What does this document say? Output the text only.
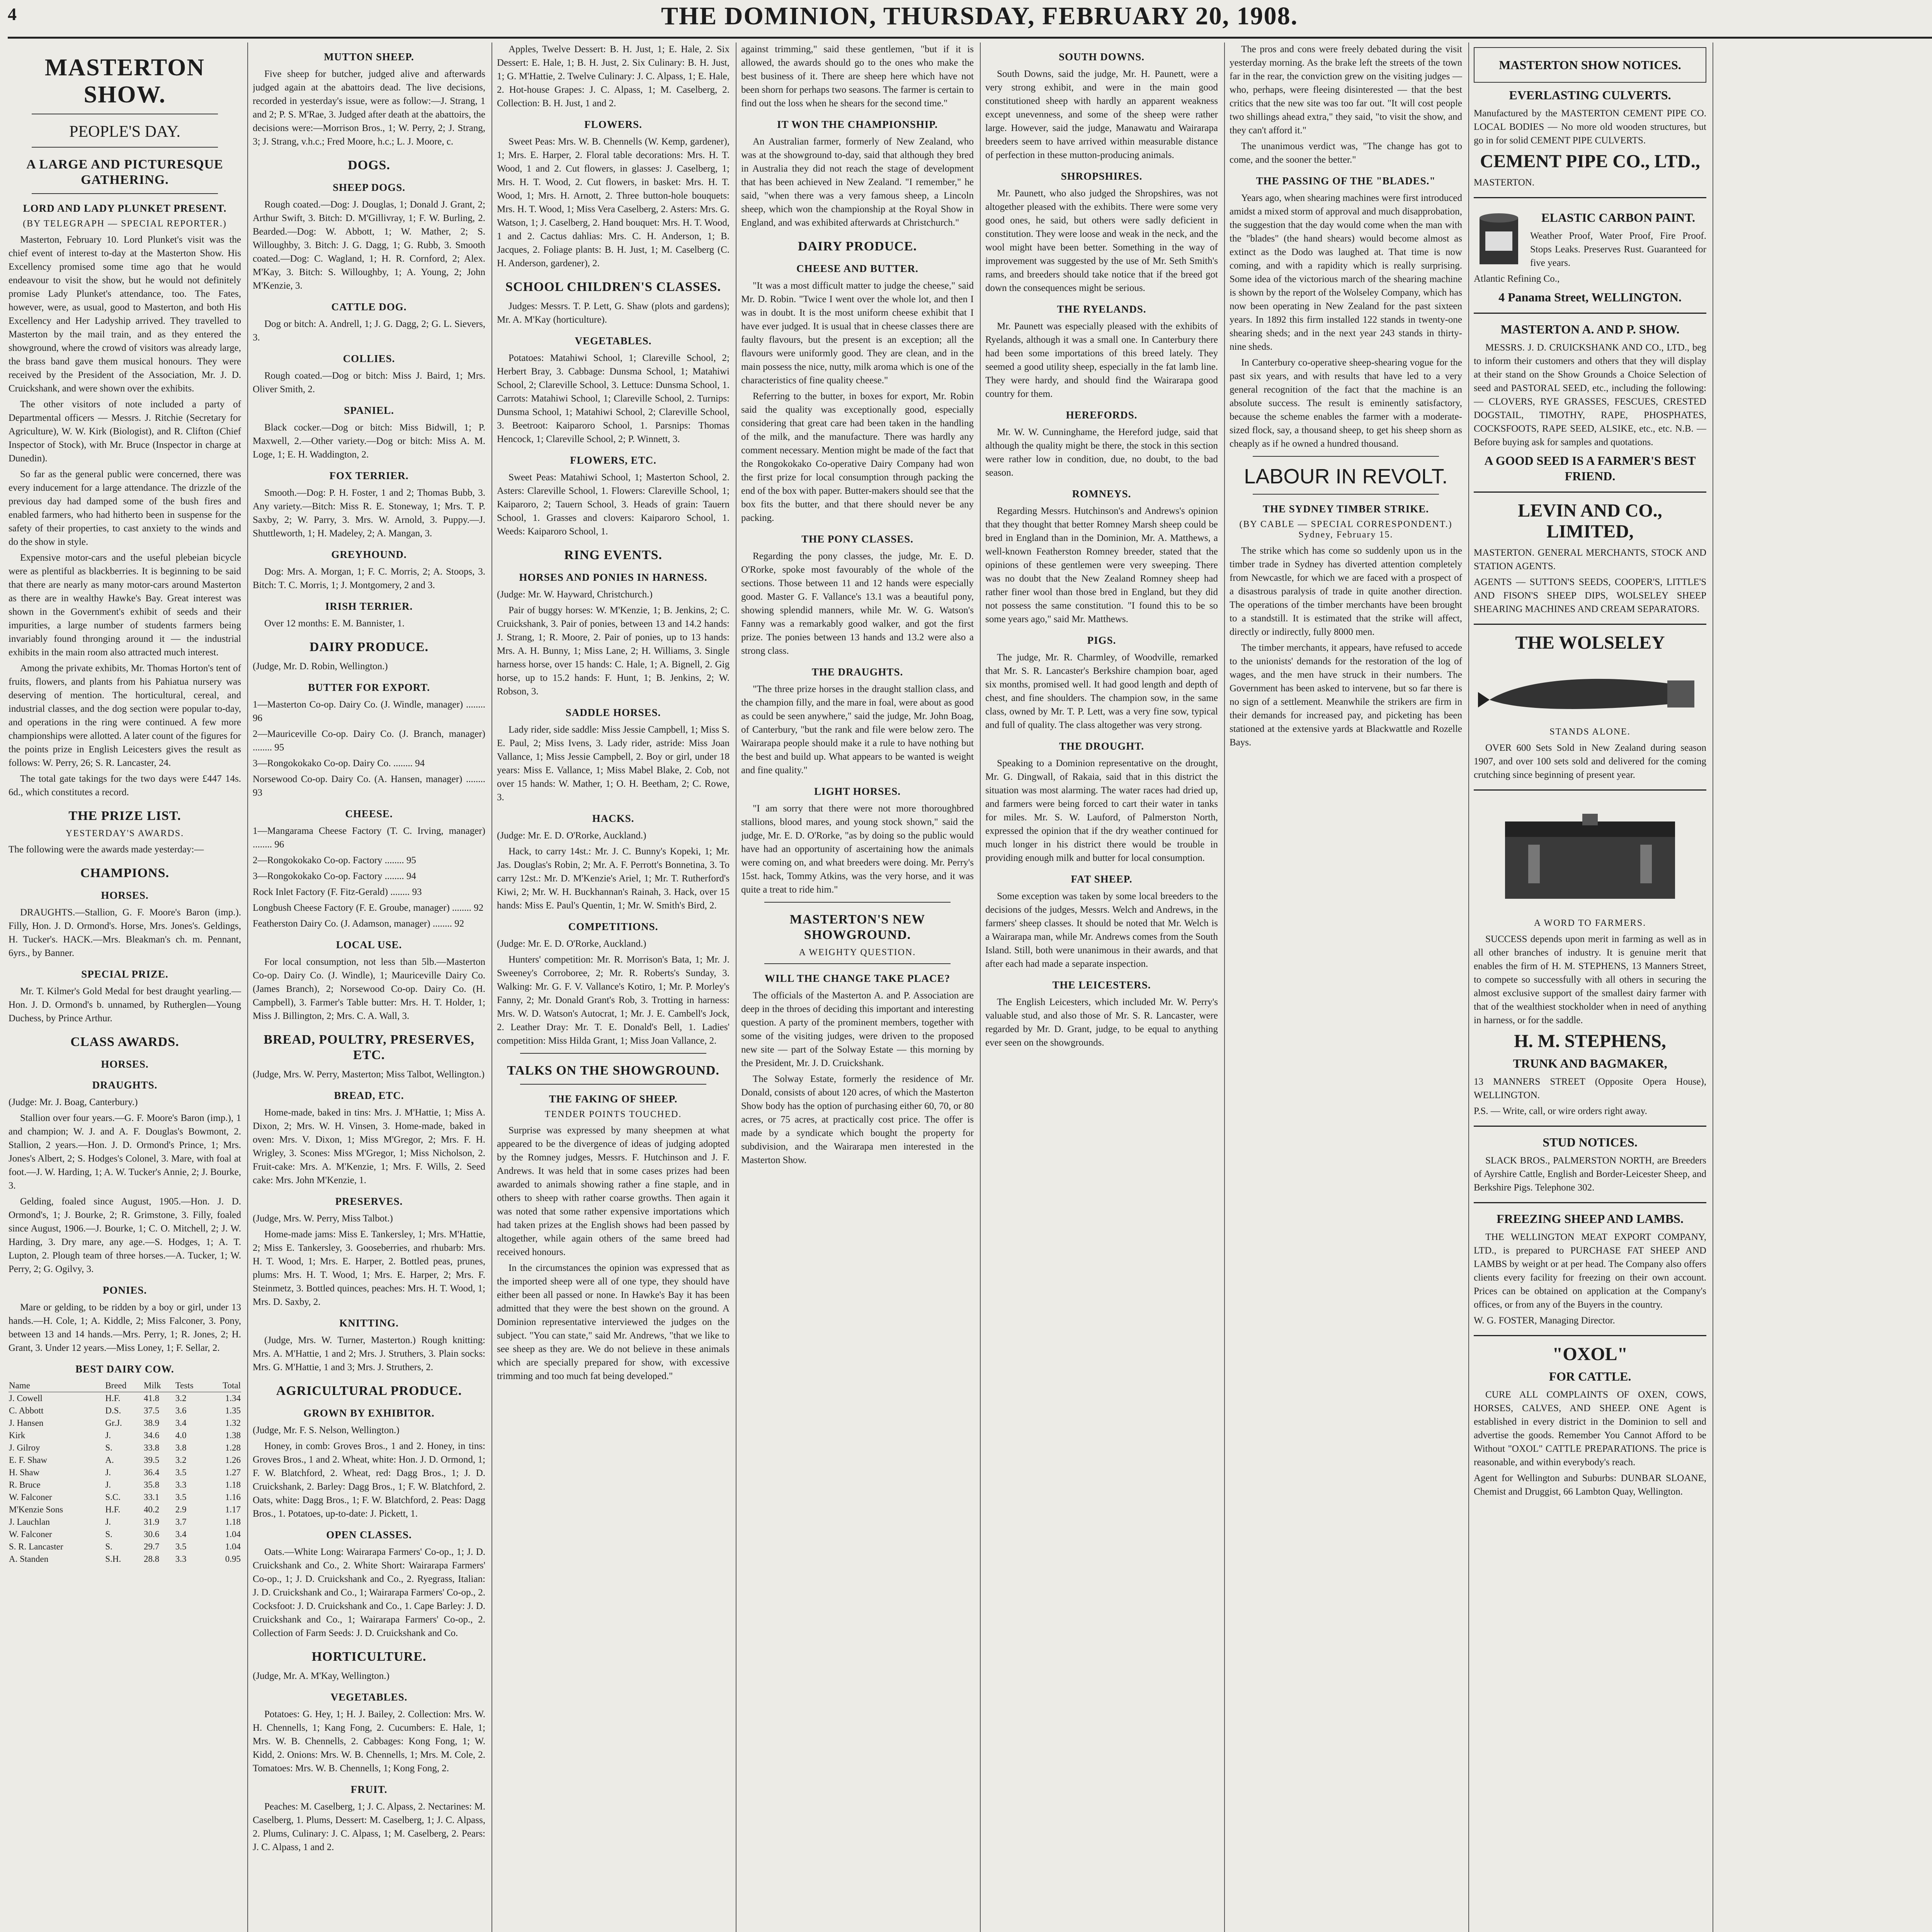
4	THE DOMINION, THURSDAY, FEBRUARY 20, 1908.
MASTERTON SHOW.
PEOPLE'S DAY.
A LARGE AND PICTURESQUE GATHERING.
LORD AND LADY PLUNKET PRESENT.
(BY TELEGRAPH — SPECIAL REPORTER.)

Masterton, February 10. Lord Plunket's visit was the chief event of interest to-day at the Masterton Show. His Excellency promised some time ago that he would endeavour to visit the show, but he would not definitely promise Lady Plunket's attendance, too. The Fates, however, were, as usual, good to Masterton, and both His Excellency and Her Ladyship arrived. They travelled to Masterton by the mail train, and as they entered the showground, where the crowd of visitors was already large, the brass band gave them musical honours. They were received by the President of the Association, Mr. J. D. Cruickshank, and were shown over the exhibits.

The other visitors of note included a party of Departmental officers — Messrs. J. Ritchie (Secretary for Agriculture), W. W. Kirk (Biologist), and R. Clifton (Chief Inspector of Stock), with Mr. Bruce (Inspector in charge at Dunedin).

So far as the general public were concerned, there was every inducement for a large attendance. The drizzle of the previous day had damped some of the bush fires and enabled farmers, who had hitherto been in suspense for the safety of their properties, to cast anxiety to the winds and do the show in style.

Expensive motor-cars and the useful plebeian bicycle were as plentiful as blackberries. It is beginning to be said that there are nearly as many motor-cars around Masterton as there are in wealthy Hawke's Bay. Great interest was shown in the Government's exhibit of seeds and their impurities, a large number of students farmers being invariably found thronging around it — the industrial exhibits in the main room also attracted much interest.

Among the private exhibits, Mr. Thomas Horton's tent of fruits, flowers, and plants from his Pahiatua nursery was deserving of mention. The horticultural, cereal, and industrial classes, and the dog section were popular to-day, and operations in the ring were continued. A few more championships were allotted. A later count of the figures for the points prize in English Leicesters gives the result as follows: W. Perry, 26; S. R. Lancaster, 24.

The total gate takings for the two days were £447 14s. 6d., which constitutes a record.

THE PRIZE LIST.
YESTERDAY'S AWARDS.

The following were the awards made yesterday:—

CHAMPIONS.
HORSES.

DRAUGHTS.—Stallion, G. F. Moore's Baron (imp.). Filly, Hon. J. D. Ormond's. Horse, Mrs. Jones's. Geldings, H. Tucker's. HACK.—Mrs. Bleakman's ch. m. Pennant, 6yrs., by Banner.

SPECIAL PRIZE.

Mr. T. Kilmer's Gold Medal for best draught yearling.—Hon. J. D. Ormond's b. unnamed, by Rutherglen—Young Duchess, by Prince Arthur.

CLASS AWARDS.
HORSES.
DRAUGHTS.

(Judge: Mr. J. Boag, Canterbury.)

Stallion over four years.—G. F. Moore's Baron (imp.), 1 and champion; W. J. and A. F. Douglas's Bowmont, 2. Stallion, 2 years.—Hon. J. D. Ormond's Prince, 1; Mrs. Jones's Albert, 2; S. Hodges's Colonel, 3. Mare, with foal at foot.—J. W. Harding, 1; A. W. Tucker's Annie, 2; J. Bourke, 3.

Gelding, foaled since August, 1905.—Hon. J. D. Ormond's, 1; J. Bourke, 2; R. Grimstone, 3. Filly, foaled since August, 1906.—J. Bourke, 1; C. O. Mitchell, 2; J. W. Harding, 3. Dry mare, any age.—S. Hodges, 1; A. T. Lupton, 2. Plough team of three horses.—A. Tucker, 1; W. Perry, 2; G. Ogilvy, 3.

PONIES.

Mare or gelding, to be ridden by a boy or girl, under 13 hands.—H. Cole, 1; A. Kiddle, 2; Miss Falconer, 3. Pony, between 13 and 14 hands.—Mrs. Perry, 1; R. Jones, 2; H. Grant, 3. Under 12 years.—Miss Loney, 1; F. Sellar, 2.

BEST DAIRY COW.
Name	Breed	Milk	Tests	Total
J. Cowell	H.F.	41.8	3.2	1.34
C. Abbott	D.S.	37.5	3.6	1.35
J. Hansen	Gr.J.	38.9	3.4	1.32
Kirk	J.	34.6	4.0	1.38
J. Gilroy	S.	33.8	3.8	1.28
E. F. Shaw	A.	39.5	3.2	1.26
H. Shaw	J.	36.4	3.5	1.27
R. Bruce	J.	35.8	3.3	1.18
W. Falconer	S.C.	33.1	3.5	1.16
M'Kenzie Sons	H.F.	40.2	2.9	1.17
J. Lauchlan	J.	31.9	3.7	1.18
W. Falconer	S.	30.6	3.4	1.04
S. R. Lancaster	S.	29.7	3.5	1.04
A. Standen	S.H.	28.8	3.3	0.95
MUTTON SHEEP.

Five sheep for butcher, judged alive and afterwards judged again at the abattoirs dead. The live decisions, recorded in yesterday's issue, were as follow:—J. Strang, 1 and 2; P. S. M'Rae, 3. Judged after death at the abattoirs, the decisions were:—Morrison Bros., 1; W. Perry, 2; J. Strang, 3; J. Strang, v.h.c.; Fred Moore, h.c.; L. J. Moore, c.

DOGS.
SHEEP DOGS.

Rough coated.—Dog: J. Douglas, 1; Donald J. Grant, 2; Arthur Swift, 3. Bitch: D. M'Gillivray, 1; F. W. Burling, 2. Bearded.—Dog: W. Abbott, 1; W. Mather, 2; S. Willoughby, 3. Bitch: J. G. Dagg, 1; G. Rubb, 3. Smooth coated.—Dog: C. Wagland, 1; H. R. Cornford, 2; Alex. M'Kay, 3. Bitch: S. Willoughby, 1; A. Young, 2; John M'Kenzie, 3.

CATTLE DOG.

Dog or bitch: A. Andrell, 1; J. G. Dagg, 2; G. L. Sievers, 3.

COLLIES.

Rough coated.—Dog or bitch: Miss J. Baird, 1; Mrs. Oliver Smith, 2.

SPANIEL.

Black cocker.—Dog or bitch: Miss Bidwill, 1; P. Maxwell, 2.—Other variety.—Dog or bitch: Miss A. M. Loge, 1; E. H. Waddington, 2.

FOX TERRIER.

Smooth.—Dog: P. H. Foster, 1 and 2; Thomas Bubb, 3. Any variety.—Bitch: Miss R. E. Stoneway, 1; Mrs. T. P. Saxby, 2; W. Parry, 3. Mrs. W. Arnold, 3. Puppy.—J. Shuttleworth, 1; H. Madeley, 2; A. Mangan, 3.

GREYHOUND.

Dog: Mrs. A. Morgan, 1; F. C. Morris, 2; A. Stoops, 3. Bitch: T. C. Morris, 1; J. Montgomery, 2 and 3.

IRISH TERRIER.

Over 12 months: E. M. Bannister, 1.

DAIRY PRODUCE.

(Judge, Mr. D. Robin, Wellington.)

BUTTER FOR EXPORT.

1—Masterton Co-op. Dairy Co. (J. Windle, manager) ........ 96

2—Mauriceville Co-op. Dairy Co. (J. Branch, manager) ........ 95

3—Rongokokako Co-op. Dairy Co. ........ 94

Norsewood Co-op. Dairy Co. (A. Hansen, manager) ........ 93

CHEESE.

1—Mangaramа Cheese Factory (T. C. Irving, manager) ........ 96

2—Rongokokako Co-op. Factory ........ 95

3—Rongokokako Co-op. Factory ........ 94

Rock Inlet Factory (F. Fitz-Gerald) ........ 93

Longbush Cheese Factory (F. E. Groube, manager) ........ 92

Featherston Dairy Co. (J. Adamson, manager) ........ 92

LOCAL USE.

For local consumption, not less than 5lb.—Masterton Co-op. Dairy Co. (J. Windle), 1; Mauriceville Dairy Co. (James Branch), 2; Norsewood Co-op. Dairy Co. (H. Campbell), 3. Farmer's Table butter: Mrs. H. T. Holder, 1; Miss J. Billington, 2; Mrs. C. A. Wall, 3.

BREAD, POULTRY, PRESERVES, ETC.

(Judge, Mrs. W. Perry, Masterton; Miss Talbot, Wellington.)

BREAD, ETC.

Home-made, baked in tins: Mrs. J. M'Hattie, 1; Miss A. Dixon, 2; Mrs. W. H. Vinsen, 3. Home-made, baked in oven: Mrs. V. Dixon, 1; Miss M'Gregor, 2; Mrs. F. H. Wrigley, 3. Scones: Miss M'Gregor, 1; Miss Nicholson, 2. Fruit-cake: Mrs. A. M'Kenzie, 1; Mrs. F. Wills, 2. Seed cake: Mrs. John M'Kenzie, 1.

PRESERVES.

(Judge, Mrs. W. Perry, Miss Talbot.)

Home-made jams: Miss E. Tankersley, 1; Mrs. M'Hattie, 2; Miss E. Tankersley, 3. Gooseberries, and rhubarb: Mrs. H. T. Wood, 1; Mrs. E. Harper, 2. Bottled peas, prunes, plums: Mrs. H. T. Wood, 1; Mrs. E. Harper, 2; Mrs. F. Steinmetz, 3. Bottled quinces, peaches: Mrs. H. T. Wood, 1; Mrs. D. Saxby, 2.

KNITTING.

(Judge, Mrs. W. Turner, Masterton.) Rough knitting: Mrs. A. M'Hattie, 1 and 2; Mrs. J. Struthers, 3. Plain socks: Mrs. G. M'Hattie, 1 and 3; Mrs. J. Struthers, 2.

AGRICULTURAL PRODUCE.
GROWN BY EXHIBITOR.

(Judge, Mr. F. S. Nelson, Wellington.)

Honey, in comb: Groves Bros., 1 and 2. Honey, in tins: Groves Bros., 1 and 2. Wheat, white: Hon. J. D. Ormond, 1; F. W. Blatchford, 2. Wheat, red: Dagg Bros., 1; J. D. Cruickshank, 2. Barley: Dagg Bros., 1; F. W. Blatchford, 2. Oats, white: Dagg Bros., 1; F. W. Blatchford, 2. Peas: Dagg Bros., 1. Potatoes, up-to-date: J. Pickett, 1.

OPEN CLASSES.

Oats.—White Long: Wairarapa Farmers' Co-op., 1; J. D. Cruickshank and Co., 2. White Short: Wairarapa Farmers' Co-op., 1; J. D. Cruickshank and Co., 2. Ryegrass, Italian: J. D. Cruickshank and Co., 1; Wairarapa Farmers' Co-op., 2. Cocksfoot: J. D. Cruickshank and Co., 1. Cape Barley: J. D. Cruickshank and Co., 1; Wairarapa Farmers' Co-op., 2. Collection of Farm Seeds: J. D. Cruickshank and Co.

HORTICULTURE.

(Judge, Mr. A. M'Kay, Wellington.)

VEGETABLES.

Potatoes: G. Hey, 1; H. J. Bailey, 2. Collection: Mrs. W. H. Chennells, 1; Kang Fong, 2. Cucumbers: E. Hale, 1; Mrs. W. B. Chennells, 2. Cabbages: Kong Fong, 1; W. Kidd, 2. Onions: Mrs. W. B. Chennells, 1; Mrs. M. Cole, 2. Tomatoes: Mrs. W. B. Chennells, 1; Kong Fong, 2.

FRUIT.

Peaches: M. Caselberg, 1; J. C. Alpass, 2. Nectarines: M. Caselberg, 1. Plums, Dessert: M. Caselberg, 1; J. C. Alpass, 2. Plums, Culinary: J. C. Alpass, 1; M. Caselberg, 2. Pears: J. C. Alpass, 1 and 2.

Apples, Twelve Dessert: B. H. Just, 1; E. Hale, 2. Six Dessert: E. Hale, 1; B. H. Just, 2. Six Culinary: B. H. Just, 1; G. M'Hattie, 2. Twelve Culinary: J. C. Alpass, 1; E. Hale, 2. Hot-house Grapes: J. C. Alpass, 1; M. Caselberg, 2. Collection: B. H. Just, 1 and 2.

FLOWERS.

Sweet Peas: Mrs. W. B. Chennells (W. Kemp, gardener), 1; Mrs. E. Harper, 2. Floral table decorations: Mrs. H. T. Wood, 1 and 2. Cut flowers, in glasses: J. Caselberg, 1; Mrs. H. T. Wood, 2. Cut flowers, in basket: Mrs. H. T. Wood, 1; Mrs. H. Arnott, 2. Three button-hole bouquets: Mrs. H. T. Wood, 1; Miss Vera Caselberg, 2. Asters: Mrs. G. Watson, 1; J. Caselberg, 2. Hand bouquet: Mrs. H. T. Wood, 1 and 2. Cactus dahlias: Mrs. C. H. Anderson, 1; B. Jacques, 2. Foliage plants: B. H. Just, 1; M. Caselberg (C. H. Anderson, gardener), 2.

SCHOOL CHILDREN'S CLASSES.

Judges: Messrs. T. P. Lett, G. Shaw (plots and gardens); Mr. A. M'Kay (horticulture).

VEGETABLES.

Potatoes: Matahiwi School, 1; Clareville School, 2; Herbert Bray, 3. Cabbage: Dunsma School, 1; Matahiwi School, 2; Clareville School, 3. Lettuce: Dunsma School, 1. Carrots: Matahiwi School, 1; Clareville School, 2. Turnips: Dunsma School, 1; Matahiwi School, 2; Clareville School, 3. Beetroot: Kaiparoro School, 1. Parsnips: Thomas Hencock, 1; Clareville School, 2; P. Winnett, 3.

FLOWERS, ETC.

Sweet Peas: Matahiwi School, 1; Masterton School, 2. Asters: Clareville School, 1. Flowers: Clareville School, 1; Kaiparoro, 2; Tauern School, 3. Heads of grain: Tauern School, 1. Grasses and clovers: Kaiparoro School, 1. Weeds: Kaiparoro School, 1.

RING EVENTS.
HORSES AND PONIES IN HARNESS.

(Judge: Mr. W. Hayward, Christchurch.)

Pair of buggy horses: W. M'Kenzie, 1; B. Jenkins, 2; C. Cruickshank, 3. Pair of ponies, between 13 and 14.2 hands: J. Strang, 1; R. Moore, 2. Pair of ponies, up to 13 hands: Mrs. A. H. Bunny, 1; Miss Lane, 2; H. Williams, 3. Single harness horse, over 15 hands: C. Hale, 1; A. Bignell, 2. Gig horse, up to 15.2 hands: F. Hunt, 1; B. Jenkins, 2; W. Robson, 3.

SADDLE HORSES.

Lady rider, side saddle: Miss Jessie Campbell, 1; Miss S. E. Paul, 2; Miss Ivens, 3. Lady rider, astride: Miss Joan Vallance, 1; Miss Jessie Campbell, 2. Boy or girl, under 18 years: Miss E. Vallance, 1; Miss Mabel Blake, 2. Cob, not over 15 hands: W. Mather, 1; O. H. Beetham, 2; C. Rowe, 3.

HACKS.

(Judge: Mr. E. D. O'Rorke, Auckland.)

Hack, to carry 14st.: Mr. J. C. Bunny's Kopeki, 1; Mr. Jas. Douglas's Robin, 2; Mr. A. F. Perrott's Bonnetina, 3. To carry 12st.: Mr. D. M'Kenzie's Ariel, 1; Mr. T. Rutherford's Kiwi, 2; Mr. W. H. Buckhannan's Rainah, 3. Hack, over 15 hands: Miss E. Paul's Quentin, 1; Mr. W. Smith's Bird, 2.

COMPETITIONS.

(Judge: Mr. E. D. O'Rorke, Auckland.)

Hunters' competition: Mr. R. Morrison's Bata, 1; Mr. J. Sweeney's Corroboree, 2; Mr. R. Roberts's Sunday, 3. Walking: Mr. G. F. V. Vallance's Kotiro, 1; Mr. P. Morley's Fanny, 2; Mr. Donald Grant's Rob, 3. Trotting in harness: Mrs. W. D. Watson's Autocrat, 1; Mr. J. E. Cambell's Jock, 2. Leather Dray: Mr. T. E. Donald's Bell, 1. Ladies' competition: Miss Hilda Grant, 1; Miss Joan Vallance, 2.

TALKS ON THE SHOWGROUND.
THE FAKING OF SHEEP.
TENDER POINTS TOUCHED.

Surprise was expressed by many sheepmen at what appeared to be the divergence of ideas of judging adopted by the Romney judges, Messrs. F. Hutchinson and J. F. Andrews. It was held that in some cases prizes had been awarded to animals showing rather a fine staple, and in others to sheep with rather coarse growths. Then again it was noted that some rather expensive importations which had taken prizes at the English shows had been passed by altogether, while again others of the same breed had received honours.

In the circumstances the opinion was expressed that as the imported sheep were all of one type, they should have either been all passed or none. In Hawke's Bay it has been admitted that they were the best shown on the ground. A Dominion representative interviewed the judges on the subject. "You can state," said Mr. Andrews, "that we like to see sheep as they are. We do not believe in these animals which are specially prepared for show, with excessive trimming and too much fat being developed."

against trimming," said these gentlemen, "but if it is allowed, the awards should go to the ones who make the best business of it. There are sheep here which have not been shorn for perhaps two seasons. The farmer is certain to find out the loss when he shears for the second time."

IT WON THE CHAMPIONSHIP.

An Australian farmer, formerly of New Zealand, who was at the showground to-day, said that although they bred in Australia they did not reach the stage of development that has been achieved in New Zealand. "I remember," he said, "when there was a very famous sheep, a Lincoln sheep, which won the championship at the Royal Show in England, and was exhibited afterwards at Christchurch."

DAIRY PRODUCE.
CHEESE AND BUTTER.

"It was a most difficult matter to judge the cheese," said Mr. D. Robin. "Twice I went over the whole lot, and then I was in doubt. It is the most uniform cheese exhibit that I have ever judged. It is usual that in cheese classes there are faulty flavours, but the present is an exception; all the flavours were uniformly good. They are clean, and in the main possess the nice, nutty, milk aroma which is one of the characteristics of fine quality cheese."

Referring to the butter, in boxes for export, Mr. Robin said the quality was exceptionally good, especially considering that great care had been taken in the handling of the milk, and the manufacture. There was hardly any comment necessary. Mention might be made of the fact that the Rongokokako Co-operative Dairy Company had won the first prize for local consumption through packing the end of the box with paper. Butter-makers should see that the box fits the butter, and that there should never be any packing.

THE PONY CLASSES.

Regarding the pony classes, the judge, Mr. E. D. O'Rorke, spoke most favourably of the whole of the sections. Those between 11 and 12 hands were especially good. Master G. F. Vallance's 13.1 was a beautiful pony, showing splendid manners, while Mr. W. G. Watson's Fanny was a remarkably good walker, and got the first prize. The ponies between 13 hands and 13.2 were also a strong class.

THE DRAUGHTS.

"The three prize horses in the draught stallion class, and the champion filly, and the mare in foal, were about as good as could be seen anywhere," said the judge, Mr. John Boag, of Canterbury, "but the rank and file were below zero. The Wairarapa people should make it a rule to have nothing but the best and build up. What appears to be wanted is weight and fine quality."

LIGHT HORSES.

"I am sorry that there were not more thoroughbred stallions, blood mares, and young stock shown," said the judge, Mr. E. D. O'Rorke, "as by doing so the public would have had an opportunity of ascertaining how the animals were coming on, and what breeders were doing. Mr. Perry's 15st. hack, Tommy Atkins, was the very horse, and it was quite a treat to ride him."

MASTERTON'S NEW SHOWGROUND.
A WEIGHTY QUESTION.
WILL THE CHANGE TAKE PLACE?

The officials of the Masterton A. and P. Association are deep in the throes of deciding this important and interesting question. A party of the prominent members, together with some of the visiting judges, were driven to the proposed new site — part of the Solway Estate — this morning by the President, Mr. J. D. Cruickshank.

The Solway Estate, formerly the residence of Mr. Donald, consists of about 120 acres, of which the Masterton Show body has the option of purchasing either 60, 70, or 80 acres, or 75 acres, at practically cost price. The offer is made by a syndicate which bought the property for subdivision, and the Wairarapa men interested in the Masterton Show.

SOUTH DOWNS.

South Downs, said the judge, Mr. H. Paunett, were a very strong exhibit, and were in the main good constitutioned sheep with hardly an apparent weakness except unevenness, and some of the sheep were rather large. However, said the judge, Manawatu and Wairarapa breeders seem to have arrived within measurable distance of perfection in these mutton-producing animals.

SHROPSHIRES.

Mr. Paunett, who also judged the Shropshires, was not altogether pleased with the exhibits. There were some very good ones, he said, but others were sadly deficient in constitution. They were loose and weak in the neck, and the wool might have been better. Something in the way of improvement was suggested by the use of Mr. Seth Smith's rams, and breeders should take notice that if the breed got down the consequences might be serious.

THE RYELANDS.

Mr. Paunett was especially pleased with the exhibits of Ryelands, although it was a small one. In Canterbury there had been some importations of this breed lately. They seemed a good utility sheep, especially in the fat lamb line. They were hardy, and should find the Wairarapa good country for them.

HEREFORDS.

Mr. W. W. Cunninghame, the Hereford judge, said that although the quality might be there, the stock in this section were rather low in condition, due, no doubt, to the bad season.

ROMNEYS.

Regarding Messrs. Hutchinson's and Andrews's opinion that they thought that better Romney Marsh sheep could be bred in England than in the Dominion, Mr. A. Matthews, a well-known Featherston Romney breeder, stated that the opinions of these gentlemen were very sweeping. There was no doubt that the New Zealand Romney sheep had rather finer wool than those bred in England, but they did not possess the same constitution. "I found this to be so some years ago," said Mr. Matthews.

PIGS.

The judge, Mr. R. Charmley, of Woodville, remarked that Mr. S. R. Lancaster's Berkshire champion boar, aged six months, promised well. It had good length and depth of chest, and fine shoulders. The champion sow, in the same class, owned by Mr. T. P. Lett, was a very fine sow, typical and full of quality. The class altogether was very strong.

THE DROUGHT.

Speaking to a Dominion representative on the drought, Mr. G. Dingwall, of Rakaia, said that in this district the situation was most alarming. The water races had dried up, and farmers were being forced to cart their water in tanks for miles. Mr. S. W. Lauford, of Palmerston North, expressed the opinion that if the dry weather continued for much longer in his district there would be trouble in providing enough milk and butter for local consumption.

FAT SHEEP.

Some exception was taken by some local breeders to the decisions of the judges, Messrs. Welch and Andrews, in the farmers' sheep classes. It should be noted that Mr. Welch is a Wairarapa man, while Mr. Andrews comes from the South Island. Still, both were unanimous in their awards, and that after each had made a separate inspection.

THE LEICESTERS.

The English Leicesters, which included Mr. W. Perry's valuable stud, and also those of Mr. S. R. Lancaster, were regarded by Mr. D. Grant, judge, to be equal to anything ever seen on the showgrounds.

The pros and cons were freely debated during the visit yesterday morning. As the brake left the streets of the town far in the rear, the conviction grew on the visiting judges — who, perhaps, were fleeing disinterested — that the best critics that the new site was too far out. "It will cost people two shillings ahead extra," they said, "to visit the show, and they can't afford it."

The unanimous verdict was, "The change has got to come, and the sooner the better."

THE PASSING OF THE "BLADES."

Years ago, when shearing machines were first introduced amidst a mixed storm of approval and much disapprobation, the suggestion that the day would come when the man with the "blades" (the hand shears) would become almost as extinct as the Dodo was laughed at. That time is now coming, and with a rapidity which is really surprising. Some idea of the victorious march of the shearing machine is shown by the report of the Wolseley Company, which has now been operating in New Zealand for the past sixteen years. In 1892 this firm installed 122 stands in twenty-one shearing sheds; and in the next year 243 stands in thirty-nine sheds.

In Canterbury co-operative sheep-shearing vogue for the past six years, and with results that have led to a very general recognition of the fact that the machine is an absolute success. The result is eminently satisfactory, because the scheme enables the farmer with a moderate-sized flock, say, a thousand sheep, to get his sheep shorn as cheaply as if he owned a hundred thousand.

LABOUR IN REVOLT.
THE SYDNEY TIMBER STRIKE.
(BY CABLE — SPECIAL CORRESPONDENT.) Sydney, February 15.

The strike which has come so suddenly upon us in the timber trade in Sydney has diverted attention completely from Newcastle, for which we are faced with a prospect of a disastrous paralysis of trade in quite another direction. The operations of the timber merchants have been brought to a standstill. It is estimated that the strike will affect, directly or indirectly, fully 8000 men.

The timber merchants, it appears, have refused to accede to the unionists' demands for the restoration of the log of wages, and the men have struck in their numbers. The Government has been asked to intervene, but so far there is no sign of a settlement. Meanwhile the strikers are firm in their demands for increased pay, and picketing has been stationed at the extensive yards at Blackwattle and Rozelle Bays.

MASTERTON SHOW NOTICES.
EVERLASTING CULVERTS.

Manufactured by the MASTERTON CEMENT PIPE CO. LOCAL BODIES — No more old wooden structures, but go in for solid CEMENT PIPE CULVERTS.

CEMENT PIPE CO., LTD.,

MASTERTON.

ELASTIC CARBON PAINT.

Weather Proof, Water Proof, Fire Proof. Stops Leaks. Preserves Rust. Guaranteed for five years.

Atlantic Refining Co.,

4 Panama Street, WELLINGTON.
MASTERTON A. AND P. SHOW.

MESSRS. J. D. CRUICKSHANK AND CO., LTD., beg to inform their customers and others that they will display at their stand on the Show Grounds a Choice Selection of seed and PASTORAL SEED, etc., including the following:— CLOVERS, RYE GRASSES, FESCUES, CRESTED DOGSTAIL, TIMOTHY, RAPE, PHOSPHATES, COCKSFOOTS, RAPE SEED, ALSIKE, etc., etc. N.B. — Before buying ask for samples and quotations.

A GOOD SEED IS A FARMER'S BEST FRIEND.
LEVIN AND CO., LIMITED,

MASTERTON. GENERAL MERCHANTS, STOCK AND STATION AGENTS.

AGENTS — SUTTON'S SEEDS, COOPER'S, LITTLE'S AND FISON'S SHEEP DIPS, WOLSELEY SHEEP SHEARING MACHINES AND CREAM SEPARATORS.

THE WOLSELEY
STANDS ALONE.

OVER 600 Sets Sold in New Zealand during season 1907, and over 100 sets sold and delivered for the coming crutching since beginning of present year.

A WORD TO FARMERS.

SUCCESS depends upon merit in farming as well as in all other branches of industry. It is genuine merit that enables the firm of H. M. STEPHENS, 13 Manners Street, to compete so successfully with all others in securing the almost exclusive support of the smallest dairy farmer with that of the wealthiest stockholder when in need of anything in harness, or for the saddle.

H. M. STEPHENS,
TRUNK AND BAGMAKER,

13 MANNERS STREET (Opposite Opera House), WELLINGTON.

P.S. — Write, call, or wire orders right away.

STUD NOTICES.

SLACK BROS., PALMERSTON NORTH, are Breeders of Ayrshire Cattle, English and Border-Leicester Sheep, and Berkshire Pigs. Telephone 302.

FREEZING SHEEP AND LAMBS.

THE WELLINGTON MEAT EXPORT COMPANY, LTD., is prepared to PURCHASE FAT SHEEP AND LAMBS by weight or at per head. The Company also offers clients every facility for freezing on their own account. Prices can be obtained on application at the Company's offices, or from any of the Buyers in the country.

W. G. FOSTER, Managing Director.

"OXOL"
FOR CATTLE.

CURE ALL COMPLAINTS OF OXEN, COWS, HORSES, CALVES, AND SHEEP. ONE Agent is established in every district in the Dominion to sell and advertise the goods. Remember You Cannot Afford to be Without "OXOL" CATTLE PREPARATIONS. The price is reasonable, and within everybody's reach.

Agent for Wellington and Suburbs: DUNBAR SLOANE, Chemist and Druggist, 66 Lambton Quay, Wellington.
